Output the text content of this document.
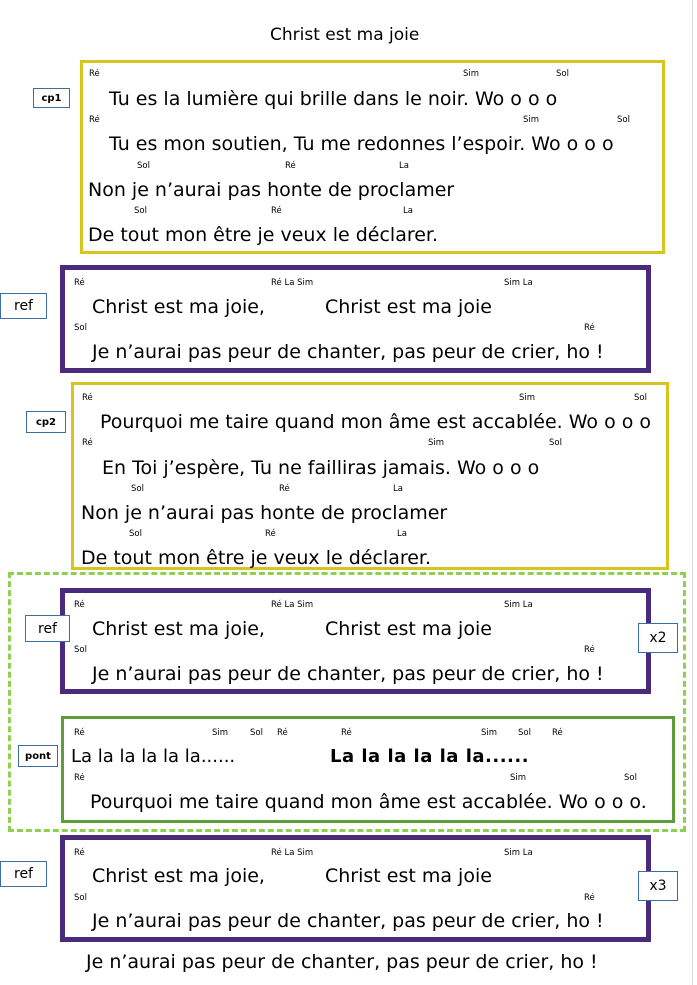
Christ est ma joie
cp1
Ré	Sim	Sol
Tu es la lumière qui brille dans le noir. Wo o o o
Ré	Sim	Sol
Tu es mon soutien, Tu me redonnes l’espoir. Wo o o o
Sol	Ré	La
Non je n’aurai pas honte de proclamer
Sol	Ré	La
De tout mon être je veux le déclarer.
ref
Ré	Ré La Sim	Sim La
Christ est ma joie,	Christ est ma joie
Sol	Ré
Je n’aurai pas peur de chanter, pas peur de crier, ho !
cp2
Ré	Sim	Sol
Pourquoi me taire quand mon âme est accablée. Wo o o o
Ré	Sim	Sol
En Toi j’espère, Tu ne failliras jamais. Wo o o o
Sol	Ré	La
Non je n’aurai pas honte de proclamer
Sol	Ré	La
De tout mon être je veux le déclarer.
ref
x2
Ré	Ré La Sim	Sim La
Christ est ma joie,	Christ est ma joie
Sol	Ré
Je n’aurai pas peur de chanter, pas peur de crier, ho !
pont
Ré	Sim	Sol Ré	Ré	Sim Sol Ré
La la la la la la......	La la la la la la......
Ré	Sim	Sol
Pourquoi me taire quand mon âme est accablée. Wo o o o.
ref
x3
Ré	Ré La Sim	Sim La
Christ est ma joie,	Christ est ma joie
Sol	Ré
Je n’aurai pas peur de chanter, pas peur de crier, ho !
Je n’aurai pas peur de chanter, pas peur de crier, ho !
